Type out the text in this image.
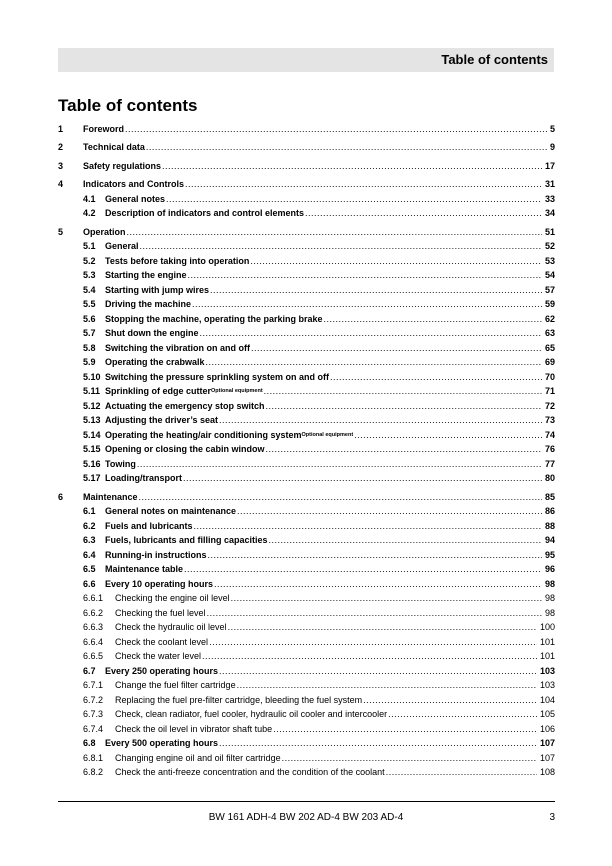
Table of contents
Table of contents
1	Foreword .....	5
2	Technical data .....	9
3	Safety regulations .....	17
4	Indicators and Controls .....	31
4.1	General notes .....	33
4.2	Description of indicators and control elements .....	34
5	Operation .....	51
5.1	General .....	52
5.2	Tests before taking into operation .....	53
5.3	Starting the engine .....	54
5.4	Starting with jump wires .....	57
5.5	Driving the machine .....	59
5.6	Stopping the machine, operating the parking brake .....	62
5.7	Shut down the engine .....	63
5.8	Switching the vibration on and off .....	65
5.9	Operating the crabwalk .....	69
5.10 Switching the pressure sprinkling system on and off .....	70
5.11 Sprinkling of edge cutter Optional equipment .....	71
5.12 Actuating the emergency stop switch .....	72
5.13 Adjusting the driver’s seat .....	73
5.14 Operating the heating/air conditioning system Optional equipment .....	74
5.15 Opening or closing the cabin window .....	76
5.16 Towing .....	77
5.17 Loading/transport .....	80
6	Maintenance .....	85
6.1	General notes on maintenance .....	86
6.2	Fuels and lubricants .....	88
6.3	Fuels, lubricants and filling capacities .....	94
6.4	Running-in instructions .....	95
6.5	Maintenance table .....	96
6.6	Every 10 operating hours .....	98
6.6.1	Checking the engine oil level .....	98
6.6.2	Checking the fuel level .....	98
6.6.3	Check the hydraulic oil level .....	100
6.6.4	Check the coolant level .....	101
6.6.5	Check the water level .....	101
6.7	Every 250 operating hours .....	103
6.7.1	Change the fuel filter cartridge .....	103
6.7.2	Replacing the fuel pre-filter cartridge, bleeding the fuel system .....	104
6.7.3	Check, clean radiator, fuel cooler, hydraulic oil cooler and intercooler .....	105
6.7.4	Check the oil level in vibrator shaft tube .....	106
6.8	Every 500 operating hours .....	107
6.8.1	Changing engine oil and oil filter cartridge .....	107
6.8.2	Check the anti-freeze concentration and the condition of the coolant .....	108
BW 161 ADH-4 BW 202 AD-4 BW 203 AD-4	3
